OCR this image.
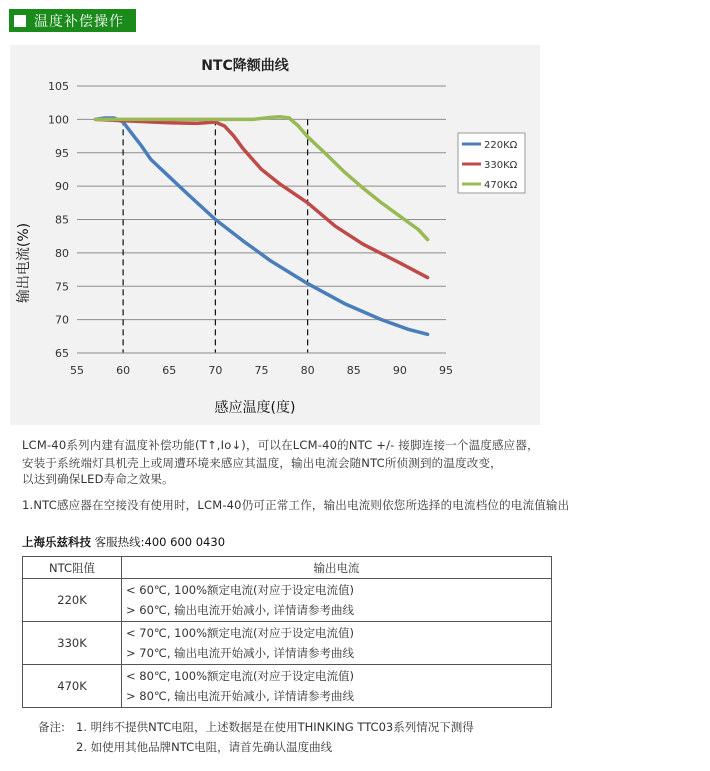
温度补偿操作
NTC降额曲线
65
70
75
80
85
90
95
100
105
55	60	65	70	75	80	85	90	95
220KΩ
330KΩ
470KΩ
感应温度(度)
输出电流(%)
LCM-40系列内建有温度补偿功能(T↑,Io↓)，可以在LCM-40的NTC +/- 接脚连接一个温度感应器，
安装于系统端灯具机壳上或周遭环境来感应其温度，输出电流会随NTC所侦测到的温度改变，
以达到确保LED寿命之效果。
1.NTC感应器在空接没有使用时，LCM-40仍可正常工作，输出电流则依您所选择的电流档位的电流值输出
上海乐兹科技 客服热线:400 600 0430
NTC阻值	输出电流
220K	< 60℃, 100%额定电流(对应于设定电流值)
> 60℃, 输出电流开始减小, 详情请参考曲线

330K	< 70℃, 100%额定电流(对应于设定电流值)
> 70℃, 输出电流开始减小, 详情请参考曲线

470K	< 80℃, 100%额定电流(对应于设定电流值)
> 80℃, 输出电流开始减小, 详情请参考曲线
备注: 1. 明纬不提供NTC电阻，上述数据是在使用THINKING TTC03系列情况下测得
2. 如使用其他品牌NTC电阻，请首先确认温度曲线
